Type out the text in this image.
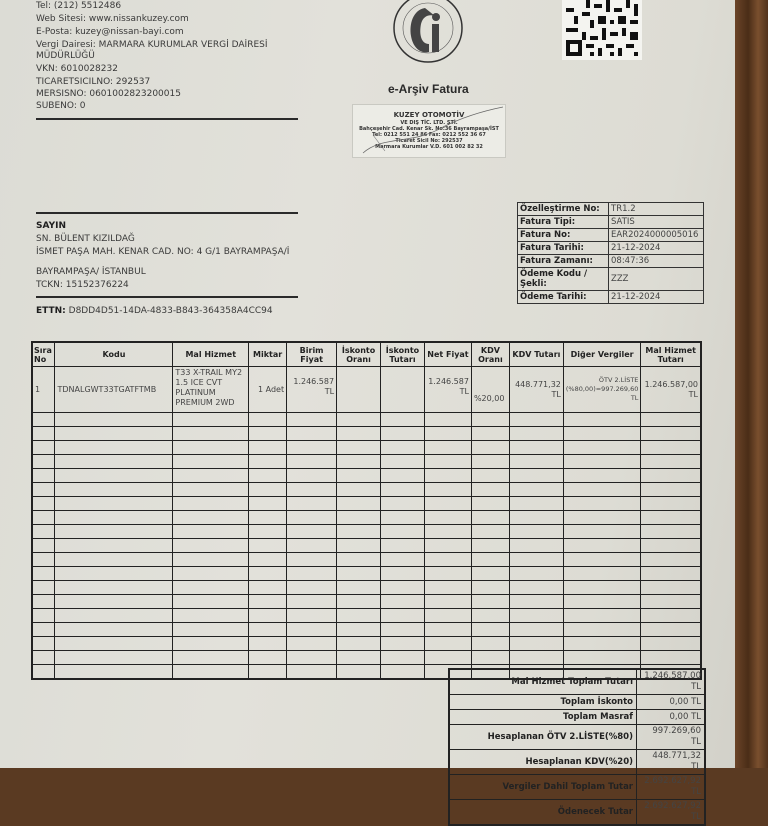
Tel: (212) 5512486
Web Sitesi: www.nissankuzey.com
E-Posta: kuzey@nissan-bayi.com
Vergi Dairesi: MARMARA KURUMLAR VERGİ DAİRESİ
MÜDÜRLÜĞÜ
VKN: 6010028232
TICARETSICILNO: 292537
MERSISNO: 0601002823200015
SUBENO: 0
e-Arşiv Fatura
KUZEY OTOMOTİV
VE DIŞ TİC. LTD. ŞTİ.
Bahçeşehir Cad. Kenar Sk. No:36 Bayrampaşa/İST
Tel: 0212 551 24 86 Fax: 0212 552 36 67
Ticaret Sicil No: 292537
Marmara Kurumlar V.D. 601 002 82 32
SAYIN
SN. BÜLENT KIZILDAĞ
İSMET PAŞA MAH. KENAR CAD. NO: 4 G/1 BAYRAMPAŞA/İ
BAYRAMPAŞA/ İSTANBUL
TCKN: 15152376224
ETTN: D8DD4D51-14DA-4833-B843-364358A4CC94
Özelleştirme No:	TR1.2
Fatura Tipi:	SATIS
Fatura No:	EAR2024000005016
Fatura Tarihi:	21-12-2024
Fatura Zamanı:	08:47:36
Ödeme Kodu / Şekli:	ZZZ
Ödeme Tarihi:	21-12-2024
Sıra No	Kodu	Mal Hizmet	Miktar	Birim Fiyat	İskonto Oranı	İskonto Tutarı	Net Fiyat	KDV Oranı	KDV Tutarı	Diğer Vergiler	Mal Hizmet Tutarı
1	TDNALGWT33TGATFTMB	T33 X-TRAIL MY2 1.5 ICE CVT PLATINUM PREMIUM 2WD	1 Adet	1.246.587 TL			1.246.587 TL	%20,00	448.771,32 TL	ÖTV 2.LİSTE (%80,00)=997.269,60 TL	1.246.587,00 TL

Mal Hizmet Toplam Tutarı	1.246.587,00 TL
Toplam İskonto	0,00 TL
Toplam Masraf	0,00 TL
Hesaplanan ÖTV 2.LİSTE(%80)	997.269,60 TL
Hesaplanan KDV(%20)	448.771,32 TL
Vergiler Dahil Toplam Tutar	2.692.627,92 TL
Ödenecek Tutar	2.692.627,92 TL
